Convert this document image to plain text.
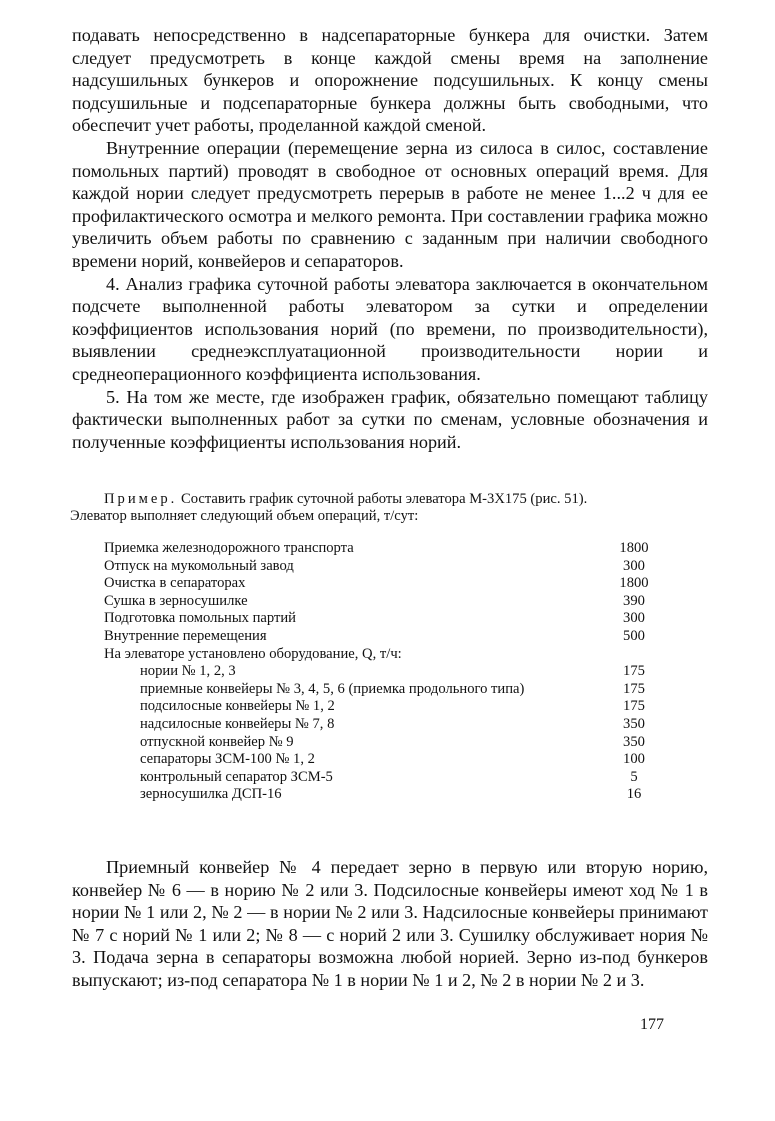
подавать непосредственно в надсепараторные бункера для очистки. Затем следует предусмотреть в конце каждой смены время на заполнение надсушильных бункеров и опорожнение подсушильных. К концу смены подсушильные и подсепараторные бункера должны быть свободными, что обеспечит учет работы, проделанной каждой сменой.

Внутренние операции (перемещение зерна из силоса в силос, составление помольных партий) проводят в свободное от основных операций время. Для каждой нории следует предусмотреть перерыв в работе не менее 1...2 ч для ее профилактического осмотра и мелкого ремонта. При составлении графика можно увеличить объем работы по сравнению с заданным при наличии свободного времени норий, конвейеров и сепараторов.

4. Анализ графика суточной работы элеватора заключается в окончательном подсчете выполненной работы элеватором за сутки и определении коэффициентов использования норий (по времени, по производительности), выявлении среднеэксплуатационной производительности нории и среднеоперационного коэффициента использования.

5. На том же месте, где изображен график, обязательно помещают таблицу фактически выполненных работ за сутки по сменам, условные обозначения и полученные коэффициенты использования норий.

Пример. Составить график суточной работы элеватора М-3Х175 (рис. 51).
Элеватор выполняет следующий объем операций, т/сут:
Приемка железнодорожного транспорта	1800
Отпуск на мукомольный завод	300
Очистка в сепараторах	1800
Сушка в зерносушилке	390
Подготовка помольных партий	300
Внутренние перемещения	500
На элеваторе установлено оборудование, Q, т/ч:	
нории № 1, 2, 3	175
приемные конвейеры № 3, 4, 5, 6 (приемка продольного типа)	175
подсилосные конвейеры № 1, 2	175
надсилосные конвейеры № 7, 8	350
отпускной конвейер № 9	350
сепараторы ЗСМ-100 № 1, 2	100
контрольный сепаратор ЗСМ-5	5
зерносушилка ДСП-16	16

Приемный конвейер № 4 передает зерно в первую или вторую норию, конвейер № 6 — в норию № 2 или 3. Подсилосные конвейеры имеют ход № 1 в нории № 1 или 2, № 2 — в нории № 2 или 3. Надсилосные конвейеры принимают № 7 с норий № 1 или 2; № 8 — с норий 2 или 3. Сушилку обслуживает нория № 3. Подача зерна в сепараторы возможна любой норией. Зерно из-под бункеров выпускают; из-под сепаратора № 1 в нории № 1 и 2, № 2 в нории № 2 и 3.

177
